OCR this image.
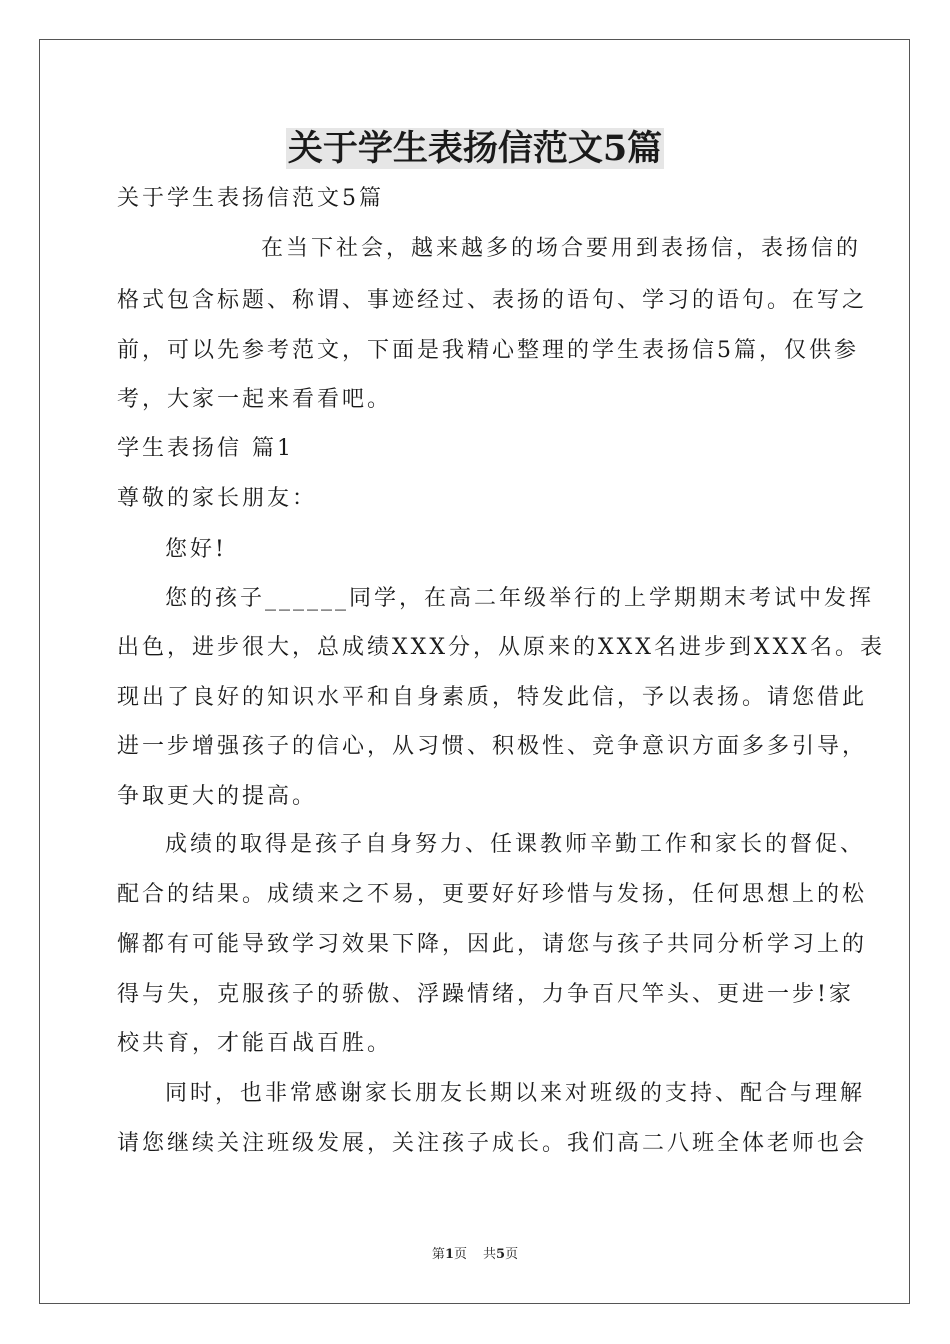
关于学生表扬信范文5篇
关于学生表扬信范文5篇
在当下社会，越来越多的场合要用到表扬信，表扬信的
格式包含标题、称谓、事迹经过、表扬的语句、学习的语句。在写之
前，可以先参考范文，下面是我精心整理的学生表扬信5篇，仅供参
考，大家一起来看看吧。
学生表扬信 篇1
尊敬的家长朋友：
您好!
您的孩子______同学，在高二年级举行的上学期期末考试中发挥
出色，进步很大，总成绩XXX分，从原来的XXX名进步到XXX名。表
现出了良好的知识水平和自身素质，特发此信，予以表扬。请您借此
进一步增强孩子的信心，从习惯、积极性、竞争意识方面多多引导，
争取更大的提高。
成绩的取得是孩子自身努力、任课教师辛勤工作和家长的督促、
配合的结果。成绩来之不易，更要好好珍惜与发扬，任何思想上的松
懈都有可能导致学习效果下降，因此，请您与孩子共同分析学习上的
得与失，克服孩子的骄傲、浮躁情绪，力争百尺竿头、更进一步!家
校共育，才能百战百胜。
同时，也非常感谢家长朋友长期以来对班级的支持、配合与理解
请您继续关注班级发展，关注孩子成长。我们高二八班全体老师也会
第1页 共5页
